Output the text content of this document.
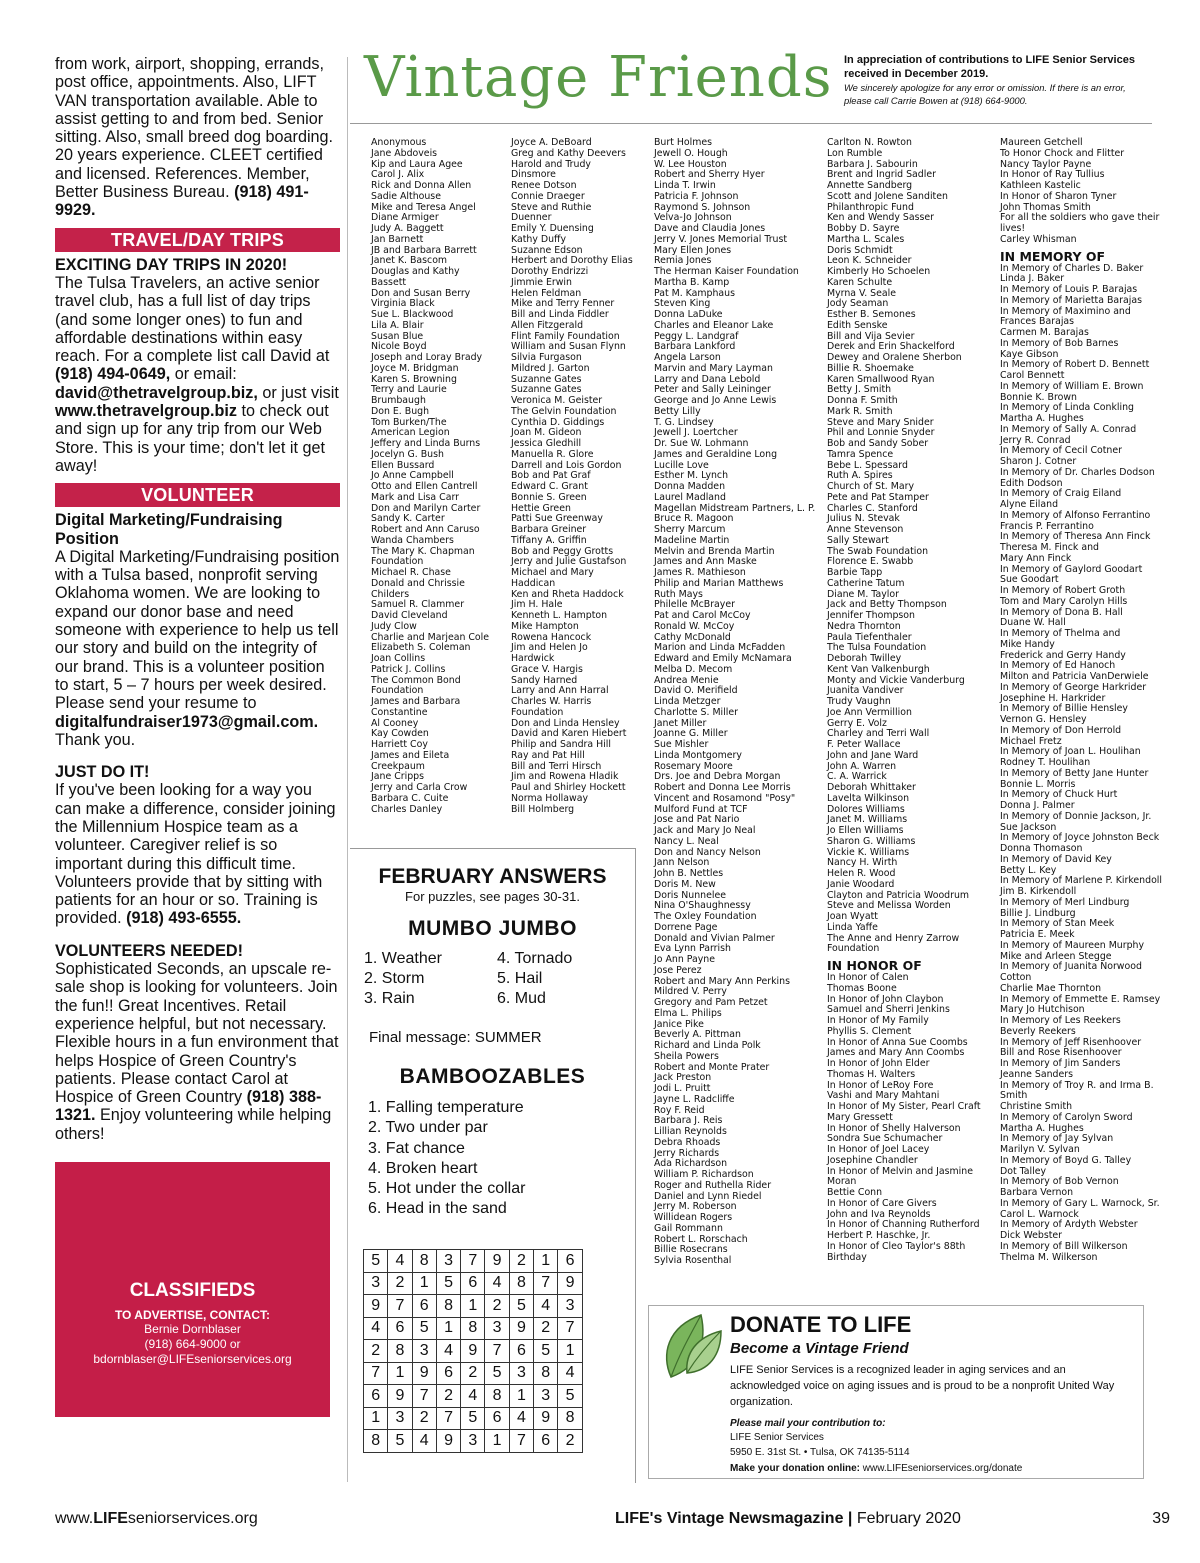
from work, airport, shopping, errands, post office, appointments. Also, LIFT VAN transportation available. Able to assist getting to and from bed. Senior sitting. Also, small breed dog boarding. 20 years experience. CLEET certified and licensed. References. Member, Better Business Bureau. (918) 491-9929.

TRAVEL/DAY TRIPS

EXCITING DAY TRIPS IN 2020!

The Tulsa Travelers, an active senior travel club, has a full list of day trips (and some longer ones) to fun and affordable destinations within easy reach. For a complete list call David at (918) 494-0649, or email: david@thetravelgroup.biz, or just visit www.thetravelgroup.biz to check out and sign up for any trip from our Web Store. This is your time; don't let it get away!

VOLUNTEER

Digital Marketing/Fundraising Position

A Digital Marketing/Fundraising position with a Tulsa based, nonprofit serving Oklahoma women. We are looking to expand our donor base and need someone with experience to help us tell our story and build on the integrity of our brand. This is a volunteer position to start, 5 – 7 hours per week desired. Please send your resume to digitalfundraiser1973@gmail.com. Thank you.

JUST DO IT!

If you've been looking for a way you can make a difference, consider joining the Millennium Hospice team as a volunteer. Caregiver relief is so important during this difficult time. Volunteers provide that by sitting with patients for an hour or so. Training is provided. (918) 493-6555.

VOLUNTEERS NEEDED!

Sophisticated Seconds, an upscale re-sale shop is looking for volunteers. Join the fun!! Great Incentives. Retail experience helpful, but not necessary. Flexible hours in a fun environment that helps Hospice of Green Country's patients. Please contact Carol at Hospice of Green Country (918) 388-1321. Enjoy volunteering while helping others!

CLASSIFIEDS
TO ADVERTISE, CONTACT:
Bernie Dornblaser
(918) 664-9000 or
bdornblaser@LIFEseniorservices.org
Vintage Friends In appreciation of contributions to LIFE Senior Services received in December 2019.
We sincerely apologize for any error or omission. If there is an error, please call Carrie Bowen at (918) 664-9000.
Anonymous
Jane Abdoveis
Kip and Laura Agee
Carol J. Alix
Rick and Donna Allen
Sadie Althouse
Mike and Teresa Angel
Diane Armiger
Judy A. Baggett
Jan Barnett
JB and Barbara Barrett
Janet K. Bascom
Douglas and Kathy
Bassett
Don and Susan Berry
Virginia Black
Sue L. Blackwood
Lila A. Blair
Susan Blue
Nicole Boyd
Joseph and Loray Brady
Joyce M. Bridgman
Karen S. Browning
Terry and Laurie
Brumbaugh
Don E. Bugh
Tom Burken/The
American Legion
Jeffery and Linda Burns
Jocelyn G. Bush
Ellen Bussard
Jo Anne Campbell
Otto and Ellen Cantrell
Mark and Lisa Carr
Don and Marilyn Carter
Sandy K. Carter
Robert and Ann Caruso
Wanda Chambers
The Mary K. Chapman
Foundation
Michael R. Chase
Donald and Chrissie
Childers
Samuel R. Clammer
David Cleveland
Judy Clow
Charlie and Marjean Cole
Elizabeth S. Coleman
Joan Collins
Patrick J. Collins
The Common Bond
Foundation
James and Barbara
Constantine
Al Cooney
Kay Cowden
Harriett Coy
James and Eileta
Creekpaum
Jane Cripps
Jerry and Carla Crow
Barbara C. Cuite
Charles Danley
Joyce A. DeBoard
Greg and Kathy Deevers
Harold and Trudy
Dinsmore
Renee Dotson
Connie Draeger
Steve and Ruthie
Duenner
Emily Y. Duensing
Kathy Duffy
Suzanne Edson
Herbert and Dorothy Elias
Dorothy Endrizzi
Jimmie Erwin
Helen Feldman
Mike and Terry Fenner
Bill and Linda Fiddler
Allen Fitzgerald
Flint Family Foundation
William and Susan Flynn
Silvia Furgason
Mildred J. Garton
Suzanne Gates
Suzanne Gates
Veronica M. Geister
The Gelvin Foundation
Cynthia D. Giddings
Joan M. Gideon
Jessica Gledhill
Manuella R. Glore
Darrell and Lois Gordon
Bob and Pat Graf
Edward C. Grant
Bonnie S. Green
Hettie Green
Patti Sue Greenway
Barbara Greiner
Tiffany A. Griffin
Bob and Peggy Grotts
Jerry and Julie Gustafson
Michael and Mary
Haddican
Ken and Rheta Haddock
Jim H. Hale
Kenneth L. Hampton
Mike Hampton
Rowena Hancock
Jim and Helen Jo
Hardwick
Grace V. Hargis
Sandy Harned
Larry and Ann Harral
Charles W. Harris
Foundation
Don and Linda Hensley
David and Karen Hiebert
Philip and Sandra Hill
Ray and Pat Hill
Bill and Terri Hirsch
Jim and Rowena Hladik
Paul and Shirley Hockett
Norma Hollaway
Bill Holmberg
Burt Holmes
Jewell O. Hough
W. Lee Houston
Robert and Sherry Hyer
Linda T. Irwin
Patricia F. Johnson
Raymond S. Johnson
Velva-Jo Johnson
Dave and Claudia Jones
Jerry V. Jones Memorial Trust
Mary Ellen Jones
Remia Jones
The Herman Kaiser Foundation
Martha B. Kamp
Pat M. Kamphaus
Steven King
Donna LaDuke
Charles and Eleanor Lake
Peggy L. Landgraf
Barbara Lankford
Angela Larson
Marvin and Mary Layman
Larry and Dana Lebold
Peter and Sally Leininger
George and Jo Anne Lewis
Betty Lilly
T. G. Lindsey
Jewell J. Loertcher
Dr. Sue W. Lohmann
James and Geraldine Long
Lucille Love
Esther M. Lynch
Donna Madden
Laurel Madland
Magellan Midstream Partners, L. P.
Bruce R. Magoon
Sherry Marcum
Madeline Martin
Melvin and Brenda Martin
James and Ann Maske
James R. Mathieson
Philip and Marian Matthews
Ruth Mays
Philelle McBrayer
Pat and Carol McCoy
Ronald W. McCoy
Cathy McDonald
Marion and Linda McFadden
Edward and Emily McNamara
Melba D. Mecom
Andrea Menie
David O. Merifield
Linda Metzger
Charlotte S. Miller
Janet Miller
Joanne G. Miller
Sue Mishler
Linda Montgomery
Rosemary Moore
Drs. Joe and Debra Morgan
Robert and Donna Lee Morris
Vincent and Rosamond "Posy"
Mulford Fund at TCF
Jose and Pat Nario
Jack and Mary Jo Neal
Nancy L. Neal
Don and Nancy Nelson
Jann Nelson
John B. Nettles
Doris M. New
Doris Nunnelee
Nina O'Shaughnessy
The Oxley Foundation
Dorrene Page
Donald and Vivian Palmer
Eva Lynn Parrish
Jo Ann Payne
Jose Perez
Robert and Mary Ann Perkins
Mildred V. Perry
Gregory and Pam Petzet
Elma L. Philips
Janice Pike
Beverly A. Pittman
Richard and Linda Polk
Sheila Powers
Robert and Monte Prater
Jack Preston
Jodi L. Pruitt
Jayne L. Radcliffe
Roy F. Reid
Barbara J. Reis
Lillian Reynolds
Debra Rhoads
Jerry Richards
Ada Richardson
William P. Richardson
Roger and Ruthella Rider
Daniel and Lynn Riedel
Jerry M. Roberson
Willidean Rogers
Gail Rommann
Robert L. Rorschach
Billie Rosecrans
Sylvia Rosenthal
Carlton N. Rowton
Lon Rumble
Barbara J. Sabourin
Brent and Ingrid Sadler
Annette Sandberg
Scott and Jolene Sanditen
Philanthropic Fund
Ken and Wendy Sasser
Bobby D. Sayre
Martha L. Scales
Doris Schmidt
Leon K. Schneider
Kimberly Ho Schoelen
Karen Schulte
Myrna V. Seale
Jody Seaman
Esther B. Semones
Edith Senske
Bill and Vija Sevier
Derek and Erin Shackelford
Dewey and Oralene Sherbon
Billie R. Shoemake
Karen Smallwood Ryan
Betty J. Smith
Donna F. Smith
Mark R. Smith
Steve and Mary Snider
Phil and Lonnie Snyder
Bob and Sandy Sober
Tamra Spence
Bebe L. Spessard
Ruth A. Spires
Church of St. Mary
Pete and Pat Stamper
Charles C. Stanford
Julius N. Stevak
Anne Stevenson
Sally Stewart
The Swab Foundation
Florence E. Swabb
Barbie Tapp
Catherine Tatum
Diane M. Taylor
Jack and Betty Thompson
Jennifer Thompson
Nedra Thornton
Paula Tiefenthaler
The Tulsa Foundation
Deborah Twilley
Kent Van Valkenburgh
Monty and Vickie Vanderburg
Juanita Vandiver
Trudy Vaughn
Joe Ann Vermillion
Gerry E. Volz
Charley and Terri Wall
F. Peter Wallace
John and Jane Ward
John A. Warren
C. A. Warrick
Deborah Whittaker
Lavelta Wilkinson
Dolores Williams
Janet M. Williams
Jo Ellen Williams
Sharon G. Williams
Vickie K. Williams
Nancy H. Wirth
Helen R. Wood
Janie Woodard
Clayton and Patricia Woodrum
Steve and Melissa Worden
Joan Wyatt
Linda Yaffe
The Anne and Henry Zarrow
Foundation
IN HONOR OF
In Honor of Calen
Thomas Boone
In Honor of John Claybon
Samuel and Sherri Jenkins
In Honor of My Family
Phyllis S. Clement
In Honor of Anna Sue Coombs
James and Mary Ann Coombs
In Honor of John Elder
Thomas H. Walters
In Honor of LeRoy Fore
Vashi and Mary Mahtani
In Honor of My Sister, Pearl Craft
Mary Gressett
In Honor of Shelly Halverson
Sondra Sue Schumacher
In Honor of Joel Lacey
Josephine Chandler
In Honor of Melvin and Jasmine
Moran
Bettie Conn
In Honor of Care Givers
John and Iva Reynolds
In Honor of Channing Rutherford
Herbert P. Haschke, Jr.
In Honor of Cleo Taylor's 88th
Birthday
Maureen Getchell
To Honor Chock and Flitter
Nancy Taylor Payne
In Honor of Ray Tullius
Kathleen Kastelic
In Honor of Sharon Tyner
John Thomas Smith
For all the soldiers who gave their
lives!
Carley Whisman
IN MEMORY OF
In Memory of Charles D. Baker
Linda J. Baker
In Memory of Louis P. Barajas
In Memory of Marietta Barajas
In Memory of Maximino and
Frances Barajas
Carmen M. Barajas
In Memory of Bob Barnes
Kaye Gibson
In Memory of Robert D. Bennett
Carol Bennett
In Memory of William E. Brown
Bonnie K. Brown
In Memory of Linda Conkling
Martha A. Hughes
In Memory of Sally A. Conrad
Jerry R. Conrad
In Memory of Cecil Cotner
Sharon J. Cotner
In Memory of Dr. Charles Dodson
Edith Dodson
In Memory of Craig Eiland
Alyne Eiland
In Memory of Alfonso Ferrantino
Francis P. Ferrantino
In Memory of Theresa Ann Finck
Theresa M. Finck and
Mary Ann Finck
In Memory of Gaylord Goodart
Sue Goodart
In Memory of Robert Groth
Tom and Mary Carolyn Hills
In Memory of Dona B. Hall
Duane W. Hall
In Memory of Thelma and
Mike Handy
Frederick and Gerry Handy
In Memory of Ed Hanoch
Milton and Patricia VanDerwiele
In Memory of George Harkrider
Josephine H. Harkrider
In Memory of Billie Hensley
Vernon G. Hensley
In Memory of Don Herrold
Michael Fretz
In Memory of Joan L. Houlihan
Rodney T. Houlihan
In Memory of Betty Jane Hunter
Bonnie L. Morris
In Memory of Chuck Hurt
Donna J. Palmer
In Memory of Donnie Jackson, Jr.
Sue Jackson
In Memory of Joyce Johnston Beck
Donna Thomason
In Memory of David Key
Betty L. Key
In Memory of Marlene P. Kirkendoll
Jim B. Kirkendoll
In Memory of Merl Lindburg
Billie J. Lindburg
In Memory of Stan Meek
Patricia E. Meek
In Memory of Maureen Murphy
Mike and Arleen Stegge
In Memory of Juanita Norwood
Cotton
Charlie Mae Thornton
In Memory of Emmette E. Ramsey
Mary Jo Hutchison
In Memory of Les Reekers
Beverly Reekers
In Memory of Jeff Risenhoover
Bill and Rose Risenhoover
In Memory of Jim Sanders
Jeanne Sanders
In Memory of Troy R. and Irma B.
Smith
Christine Smith
In Memory of Carolyn Sword
Martha A. Hughes
In Memory of Jay Sylvan
Marilyn V. Sylvan
In Memory of Boyd G. Talley
Dot Talley
In Memory of Bob Vernon
Barbara Vernon
In Memory of Gary L. Warnock, Sr.
Carol L. Warnock
In Memory of Ardyth Webster
Dick Webster
In Memory of Bill Wilkerson
Thelma M. Wilkerson
FEBRUARY ANSWERS
For puzzles, see pages 30-31.
MUMBO JUMBO
1. Weather	4. Tornado
2. Storm	5. Hail
3. Rain	6. Mud

Final message: SUMMER
BAMBOOZABLES
1. Falling temperature
2. Two under par
3. Fat chance
4. Broken heart
5. Hot under the collar
6. Head in the sand
5	4	8	3	7	9	2	1	6
3	2	1	5	6	4	8	7	9
9	7	6	8	1	2	5	4	3
4	6	5	1	8	3	9	2	7
2	8	3	4	9	7	6	5	1
7	1	9	6	2	5	3	8	4
6	9	7	2	4	8	1	3	5
1	3	2	7	5	6	4	9	8
8	5	4	9	3	1	7	6	2
DONATE TO LIFE
Become a Vintage Friend
LIFE Senior Services is a recognized leader in aging services and an acknowledged voice on aging issues and is proud to be a nonprofit United Way organization.
Please mail your contribution to:
LIFE Senior Services
5950 E. 31st St. • Tulsa, OK 74135-5114
Make your donation online: www.LIFEseniorservices.org/donate
www.LIFEseniorservices.org	LIFE's Vintage Newsmagazine | February 2020	39
